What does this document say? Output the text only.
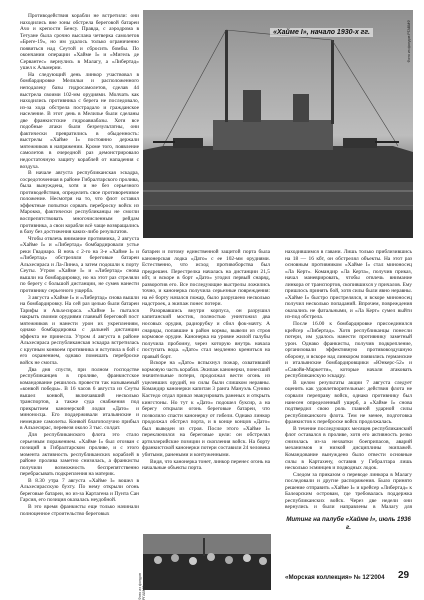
«Хайме I», начало 1930-х гг.	Фото из фондов РГАВМФ

Противодействия корабли не встретили: они находились вне зоны обстрела береговой батареи Ачо и крепости Бенсу. Правда, с аэродрома в Тетуане была срочно выслана четверка самолетов «Бреге-19», но им удалось только ограниченно появиться над Сеутой и сбросить бомбы. По окончании операции «Хайме I» и «Мигель де Сервантес» вернулись в Малагу, а «Либертад» ушел к Альмерии.

На следующий день линкор участвовал в бомбардировке Мелильи и расположенного неподалеку базы гидросамолетов, сделав 44 выстрела своими 102-мм орудиями. Молчать как находились противника с берега не последовало, из-за хода обстрела пострадало и гражданское население. В этот день в Мелилье были сделаны две франкистские гидроавиабазы. Хотя все подобные атаки были безрезультатны, они фактически превратились в обыденность: выстрелы «Хайме I» постоянно держали мятежников в напряжении. Кроме того, появление самолетов в очередной раз демонстрировало недостаточную защиту кораблей от нападения с воздуха.

В начале августа республиканская эскадра, сосредоточенная в районе Гибралтарского пролива, была вынуждена, хотя и не без серьезного противодействия, определить свое противоречивое положение. Несмотря на то, что флот оставил эффектные попытки сорвать переброску войск из Марокко, фактически республиканцы не смогли воспрепятствовать многочисленным рейдам противника, а свои корабли всё чаще возвращались в базу без достижения каких-либо результатов.

Чтобы отвлечь внимание противника, 2 августа «Хайме I» и «Либертад» бомбардировали устье реки Гвадиаро. В ночь с 2-го на 3-е «Хайме I» и «Либертад» обстреляли береговые батареи Альхесираса и Ла-Линеа, а затем подошли к порту Сеуты. Утром «Хайме I» и «Либертад» снова вышли на бомбардировку, но на этот раз стреляли по берегу с большой дистанции, не сумев нанести противнику серьезного ущерба.

3 августа «Хайме I» и «Либертад» снова вышли на бомбардировку. На сей раз целью были батареи Тарифы и Альхесираса. «Хайме I» пытался накрыть своими орудиями главный береговой пост мятежников и нанести урон их укреплениям, однако бомбардировка с дальней дистанции эффекта не принесла. Утром 4 августа в районе Альхесираса республиканская эскадра встретилась с крупным конвоем противника и вступила в бой с его охранением, однако помешать переброске войск не смогла.

Два дня спустя, при полном господстве республиканцев в проливе, франкистское командование решилось провести так называемый «конвой победы». В 16 часов 6 августа из Сеуты вышел конвой, включавший несколько транспортов, а также суда снабжения под прикрытием канонерской лодки «Дато» и миноносца. Его поддерживали итальянские и немецкие самолеты. Конвой благополучно прибыл в Альхесирас, перевезя около 3 тыс. солдат.

Для республиканского флота это стало серьезным поражением. «Хайме I» был отозван с позиций в Гибралтарском проливе, и с этого момента активность республиканских кораблей в районе пролива заметно снизилась, а франкисты получили возможность беспрепятственно перебрасывать подкрепления на материк.

В 8.30 утра 7 августа «Хайме I» вошел в Альхесирасскую бухту. По нему открыли огонь береговые батареи, но из-за Картагена и Пунта Сан Гарсия, его позиция оказалась неудобной.

В это время франкисты еще только начинали полноценное строительство береговых

батареи и потому единственной защитой порта была канонерская лодка «Дато» с ее 102-мм орудиями. Естественно, что исход противоборства был предрешен. Перестрелка началась на дистанции 21,5 кбт, и вскоре в борт «Дато» угодил первый снаряд, разворотив его. Все последующие выстрелы ложились точно, и канонерка получила серьезные повреждения: на её борту начался пожар, было разрушено несколько надстроек, а экипаж понес потери.

Разорвавшись внутри корпуса, он разрушил капитанский мостик, полностью уничтожил два носовых орудия, радиорубку и сбил фок-мачту. А снаряды, попавшие в район кормы, вывели из строя кормовое орудие. Канонерка на уровне жилой палубы получила пробоину, через которую внутрь начала поступать вода. «Дато» стал медленно крениться на правый борт.

Вскоре на «Дато» вспыхнул пожар, охвативший кормовую часть корабля. Экипаж канонерки, понесший значительные потери, продолжал вести огонь из уцелевших орудий, но силы были слишком неравны. Командир канонерки капитан 3 ранга Мануэль Сунико Кастедо отдал приказ эвакуировать раненых и открыть кингстоны. Но тут к «Дато» подошел буксир, а на берегу открыли огонь береговые батареи, что позволило спасти канонерку от гибели. Однако линкор продолжал обстрел порта, и в конце концов «Дато» был выведен из строя. После этого «Хайме I» переключился на береговые цели: он обстрелял артиллерийские позиции и скопления войск. На борту франкистской канонерки потери составили 24 человека убитыми, ранеными и контуженными.

Видя, что канонерка тонет, линкор перенес огонь на начальные объекты порта.

находившимся в гавани. Лишь только приблизившись на 18 — 16 кбт, он обстрелял объекты. На этот раз основным противником «Хайме I» стал миноносец «Ла Керт». Командир «Ла Керта», получив приказ, начал маневрировать, чтобы отвлечь внимание линкора от транспортов, скопившихся у причалов. Ему пришлось принять бой, хотя силы были явно неравны. «Хайме I» быстро пристрелялся, и вскоре миноносец получил несколько попаданий. Впрочем, повреждения оказались не фатальными, и «Ла Керт» сумел выйти из-под обстрела.

После 16.00 к бомбардировке присоединился крейсер «Либертад». Хотя республиканцы понесли потери, им удалось нанести противнику заметный урон. Однако франкисты, получив подкрепление, организовали эффективную противовоздушную оборону, и вскоре над линкором появились германские и итальянские бомбардировщики «Юнкерс-52» и «Савойя-Маркетти», которые начали атаковать республиканскую эскадру.

В целом результаты акции 7 августа следует оценить как удовлетворительные: действия флота не сорвали переправу войск, однако противнику был нанесен определенный ущерб, а «Хайме I» снова подтвердил свою роль главной ударной силы республиканского флота. Тем не менее, подготовка франкистов к переброске войск продолжалась.

В течение последующих месяцев республиканский флот оставался в проливе, хотя его активность резко снизилась из-за нехватки боеприпасов, аварий механизмов и низкой дисциплины экипажей. Командование вынуждено было отвести основные силы в Картахену, оставив у Гибралтара лишь несколько эсминцев и подводных лодок.

Следом за приказом о переводе линкора в Малагу последовали и другие распоряжения. Было принято решение отправить «Хайме I» и крейсер «Либертад» к Балеарским островам, где требовалась поддержка республиканских войск. Через две недели они вернулись и были направлены в Малагу для

Фото из фондов РГАВМФ
Митинг на палубе «Хайме I», июль 1936 г.
«Морская коллекция» № 12'2004	29
